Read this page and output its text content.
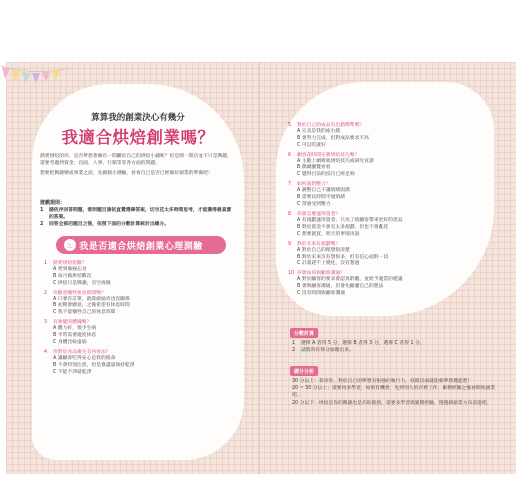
算算我的創業決心有幾分
我適合烘焙創業嗎？

熱愛烘焙的你，是否夢想著擁有一間屬於自己的烘焙小舖呢？但是開一間店並不只是興趣，還要考慮到資金、店面、人事、行銷等等各方面的問題。

想要把興趣變成事業之前，先做個小測驗，看看自己是否已經做好創業的準備吧！

遊戲規則：
1	請依序回答問題，看到題目請依直覺選擇答案，切勿花太多時間思考，才能獲得最真實的答案。
2	回答全部的題目之後，依照下面的分數計算統計出總分。
♨ 我是否適合烘焙創業心理測驗
1	熱愛烘焙指數？
A 愛到廢寢忘食
B 每月做烘焙數次
C 烘焙只是興趣，有空再做
2	你願意犧牲休息時間嗎？
A 只要有訂單，就算做通宵也沒關係
B 初期會願意，之後希望有休息時間
C 我不能犧牲自己的休息時間
3	有強健的體魄嗎？
A 體力好，很少生病
B 平常需要適度休息
C 身體比較虛弱
4	你對於食品衛生有何看法？
A 讓顧客吃得安心是我的使命
B 不會特別注意，但是會盡量保持乾淨
C 不能不淨就乾淨
5	對於自己的成品有出錯標準嗎？
A 完美是我的座右銘
B 會努力完成，但對成品要求不高
C 可以吃就好
6	願意花時間充實烘焙技巧嗎？
A 主動上網吸收烘焙技巧或研究食譜
B 偶爾瀏覽看看
C 覺得目前的技巧已經足夠
7	如何面對壓力？
A 調整自己不讓情緒崩潰
B 需要長時間平復情緒
C 常感受到壓力
8	你會怎麼運用資金？
A 有規劃運用資金，只為了給顧客帶來更好的產品
B 對於資金不會有太多規劃，但也不會亂花
C 想要就買，明天的事情再說
9	對於未來有規劃嗎？
A 對於自己的理想很清楚
B 對於未來沒有想很多，但有信心面對一切
C 計畫趕不上變化，沒有想過
10 你會如何與顧客溝通？
A 對於顧客的要求會認真聆聽，並給予適當的建議
B 會與顧客溝通，但會先顧慮自己的想法
C 沒有時間與顧客溝通
分數計算
1	選擇 A 者得 5 分，選擇 B 者得 3 分，選擇 C 者得 1 分。
2	請將所有得分加總出來。
總分分析

30 分以上：恭喜你，對於自己的夢想有很強的執行力，找間店面就能朝夢想邁進吧！

20 ~ 30 分以上：還要再多學習，如果有機會，先到別人的店裡工作，累積經驗之後再開始創業吧。

20 分以下：烘焙是你的興趣也是你的熱情，還要多學習與累積經驗，慢慢朝創業方向前進吧。
